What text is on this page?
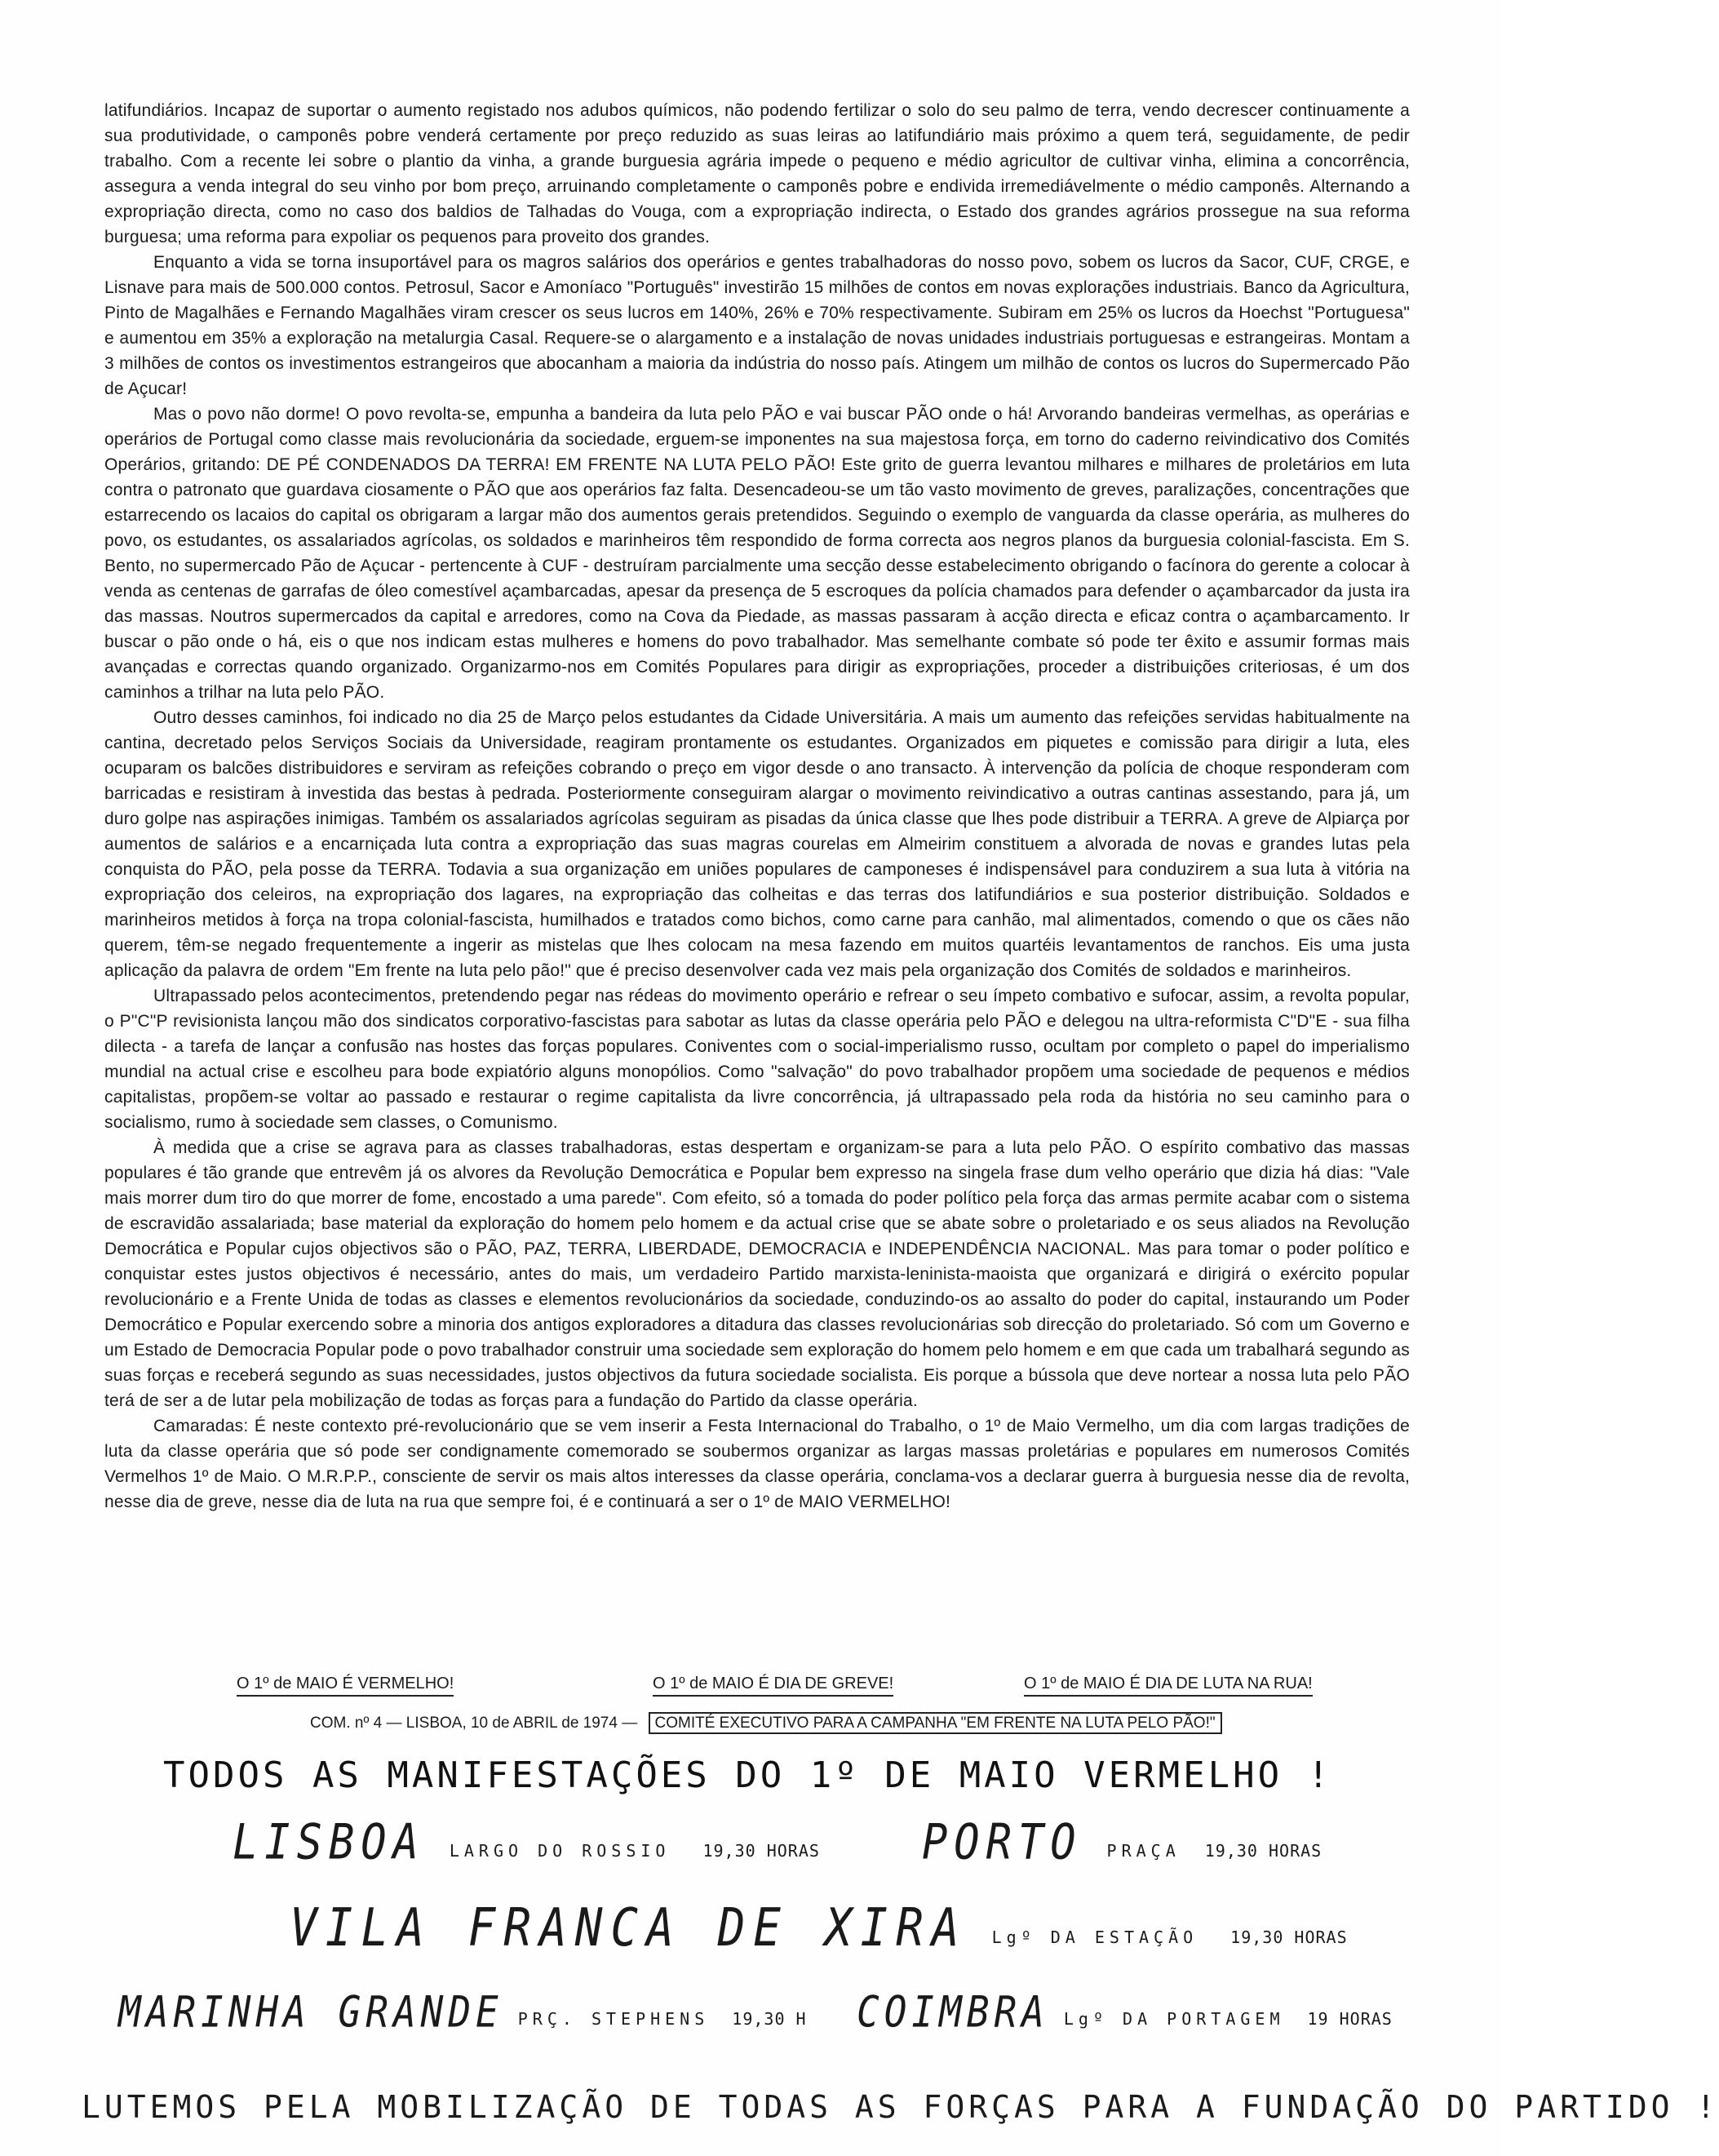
latifundiários. Incapaz de suportar o aumento registado nos adubos químicos, não podendo fertilizar o solo do seu palmo de terra, vendo decrescer continuamente a sua produtividade, o camponês pobre venderá certamente por preço reduzido as suas leiras ao latifundiário mais próximo a quem terá, seguidamente, de pedir trabalho. Com a recente lei sobre o plantio da vinha, a grande burguesia agrária impede o pequeno e médio agricultor de cultivar vinha, elimina a concorrência, assegura a venda integral do seu vinho por bom preço, arruinando completamente o camponês pobre e endivida irremediávelmente o médio camponês. Alternando a expropriação directa, como no caso dos baldios de Talhadas do Vouga, com a expropriação indirecta, o Estado dos grandes agrários prossegue na sua reforma burguesa; uma reforma para expoliar os pequenos para proveito dos grandes.

Enquanto a vida se torna insuportável para os magros salários dos operários e gentes trabalhadoras do nosso povo, sobem os lucros da Sacor, CUF, CRGE, e Lisnave para mais de 500.000 contos. Petrosul, Sacor e Amoníaco "Português" investirão 15 milhões de contos em novas explorações industriais. Banco da Agricultura, Pinto de Magalhães e Fernando Magalhães viram crescer os seus lucros em 140%, 26% e 70% respectivamente. Subiram em 25% os lucros da Hoechst "Portuguesa" e aumentou em 35% a exploração na metalurgia Casal. Requere-se o alargamento e a instalação de novas unidades industriais portuguesas e estrangeiras. Montam a 3 milhões de contos os investimentos estrangeiros que abocanham a maioria da indústria do nosso país. Atingem um milhão de contos os lucros do Supermercado Pão de Açucar!

Mas o povo não dorme! O povo revolta-se, empunha a bandeira da luta pelo PÃO e vai buscar PÃO onde o há! Arvorando bandeiras vermelhas, as operárias e operários de Portugal como classe mais revolucionária da sociedade, erguem-se imponentes na sua majestosa força, em torno do caderno reivindicativo dos Comités Operários, gritando: DE PÉ CONDENADOS DA TERRA! EM FRENTE NA LUTA PELO PÃO! Este grito de guerra levantou milhares e milhares de proletários em luta contra o patronato que guardava ciosamente o PÃO que aos operários faz falta. Desencadeou-se um tão vasto movimento de greves, paralizações, concentrações que estarrecendo os lacaios do capital os obrigaram a largar mão dos aumentos gerais pretendidos. Seguindo o exemplo de vanguarda da classe operária, as mulheres do povo, os estudantes, os assalariados agrícolas, os soldados e marinheiros têm respondido de forma correcta aos negros planos da burguesia colonial-fascista. Em S. Bento, no supermercado Pão de Açucar - pertencente à CUF - destruíram parcialmente uma secção desse estabelecimento obrigando o facínora do gerente a colocar à venda as centenas de garrafas de óleo comestível açambarcadas, apesar da presença de 5 escroques da polícia chamados para defender o açambarcador da justa ira das massas. Noutros supermercados da capital e arredores, como na Cova da Piedade, as massas passaram à acção directa e eficaz contra o açambarcamento. Ir buscar o pão onde o há, eis o que nos indicam estas mulheres e homens do povo trabalhador. Mas semelhante combate só pode ter êxito e assumir formas mais avançadas e correctas quando organizado. Organizarmo-nos em Comités Populares para dirigir as expropriações, proceder a distribuições criteriosas, é um dos caminhos a trilhar na luta pelo PÃO.

Outro desses caminhos, foi indicado no dia 25 de Março pelos estudantes da Cidade Universitária. A mais um aumento das refeições servidas habitualmente na cantina, decretado pelos Serviços Sociais da Universidade, reagiram prontamente os estudantes. Organizados em piquetes e comissão para dirigir a luta, eles ocuparam os balcões distribuidores e serviram as refeições cobrando o preço em vigor desde o ano transacto. À intervenção da polícia de choque responderam com barricadas e resistiram à investida das bestas à pedrada. Posteriormente conseguiram alargar o movimento reivindicativo a outras cantinas assestando, para já, um duro golpe nas aspirações inimigas. Também os assalariados agrícolas seguiram as pisadas da única classe que lhes pode distribuir a TERRA. A greve de Alpiarça por aumentos de salários e a encarniçada luta contra a expropriação das suas magras courelas em Almeirim constituem a alvorada de novas e grandes lutas pela conquista do PÃO, pela posse da TERRA. Todavia a sua organização em uniões populares de camponeses é indispensável para conduzirem a sua luta à vitória na expropriação dos celeiros, na expropriação dos lagares, na expropriação das colheitas e das terras dos latifundiários e sua posterior distribuição. Soldados e marinheiros metidos à força na tropa colonial-fascista, humilhados e tratados como bichos, como carne para canhão, mal alimentados, comendo o que os cães não querem, têm-se negado frequentemente a ingerir as mistelas que lhes colocam na mesa fazendo em muitos quartéis levantamentos de ranchos. Eis uma justa aplicação da palavra de ordem "Em frente na luta pelo pão!" que é preciso desenvolver cada vez mais pela organização dos Comités de soldados e marinheiros.

Ultrapassado pelos acontecimentos, pretendendo pegar nas rédeas do movimento operário e refrear o seu ímpeto combativo e sufocar, assim, a revolta popular, o P"C"P revisionista lançou mão dos sindicatos corporativo-fascistas para sabotar as lutas da classe operária pelo PÃO e delegou na ultra-reformista C"D"E - sua filha dilecta - a tarefa de lançar a confusão nas hostes das forças populares. Coniventes com o social-imperialismo russo, ocultam por completo o papel do imperialismo mundial na actual crise e escolheu para bode expiatório alguns monopólios. Como "salvação" do povo trabalhador propõem uma sociedade de pequenos e médios capitalistas, propõem-se voltar ao passado e restaurar o regime capitalista da livre concorrência, já ultrapassado pela roda da história no seu caminho para o socialismo, rumo à sociedade sem classes, o Comunismo.

À medida que a crise se agrava para as classes trabalhadoras, estas despertam e organizam-se para a luta pelo PÃO. O espírito combativo das massas populares é tão grande que entrevêm já os alvores da Revolução Democrática e Popular bem expresso na singela frase dum velho operário que dizia há dias: "Vale mais morrer dum tiro do que morrer de fome, encostado a uma parede". Com efeito, só a tomada do poder político pela força das armas permite acabar com o sistema de escravidão assalariada; base material da exploração do homem pelo homem e da actual crise que se abate sobre o proletariado e os seus aliados na Revolução Democrática e Popular cujos objectivos são o PÃO, PAZ, TERRA, LIBERDADE, DEMOCRACIA e INDEPENDÊNCIA NACIONAL. Mas para tomar o poder político e conquistar estes justos objectivos é necessário, antes do mais, um verdadeiro Partido marxista-leninista-maoista que organizará e dirigirá o exército popular revolucionário e a Frente Unida de todas as classes e elementos revolucionários da sociedade, conduzindo-os ao assalto do poder do capital, instaurando um Poder Democrático e Popular exercendo sobre a minoria dos antigos exploradores a ditadura das classes revolucionárias sob direcção do proletariado. Só com um Governo e um Estado de Democracia Popular pode o povo trabalhador construir uma sociedade sem exploração do homem pelo homem e em que cada um trabalhará segundo as suas forças e receberá segundo as suas necessidades, justos objectivos da futura sociedade socialista. Eis porque a bússola que deve nortear a nossa luta pelo PÃO terá de ser a de lutar pela mobilização de todas as forças para a fundação do Partido da classe operária.

Camaradas: É neste contexto pré-revolucionário que se vem inserir a Festa Internacional do Trabalho, o 1º de Maio Vermelho, um dia com largas tradições de luta da classe operária que só pode ser condignamente comemorado se soubermos organizar as largas massas proletárias e populares em numerosos Comités Vermelhos 1º de Maio. O M.R.P.P., consciente de servir os mais altos interesses da classe operária, conclama-vos a declarar guerra à burguesia nesse dia de revolta, nesse dia de greve, nesse dia de luta na rua que sempre foi, é e continuará a ser o 1º de MAIO VERMELHO!

O 1º de MAIO É VERMELHO!	O 1º de MAIO É DIA DE GREVE!	O 1º de MAIO É DIA DE LUTA NA RUA!
COM. nº 4 — LISBOA, 10 de ABRIL de 1974 — COMITÉ EXECUTIVO PARA A CAMPANHA "EM FRENTE NA LUTA PELO PÃO!"
TODOS AS MANIFESTAÇÕES DO 1º DE MAIO VERMELHO !
LISBOA LARGO DO ROSSIO 19,30 HORAS PORTO PRAÇA 19,30 HORAS
VILA FRANCA DE XIRA Lgº DA ESTAÇÃO 19,30 HORAS
MARINHA GRANDE PRÇ. STEPHENS 19,30 H COIMBRA Lgº DA PORTAGEM 19 HORAS
LUTEMOS PELA MOBILIZAÇÃO DE TODAS AS FORÇAS PARA A FUNDAÇÃO DO PARTIDO !
